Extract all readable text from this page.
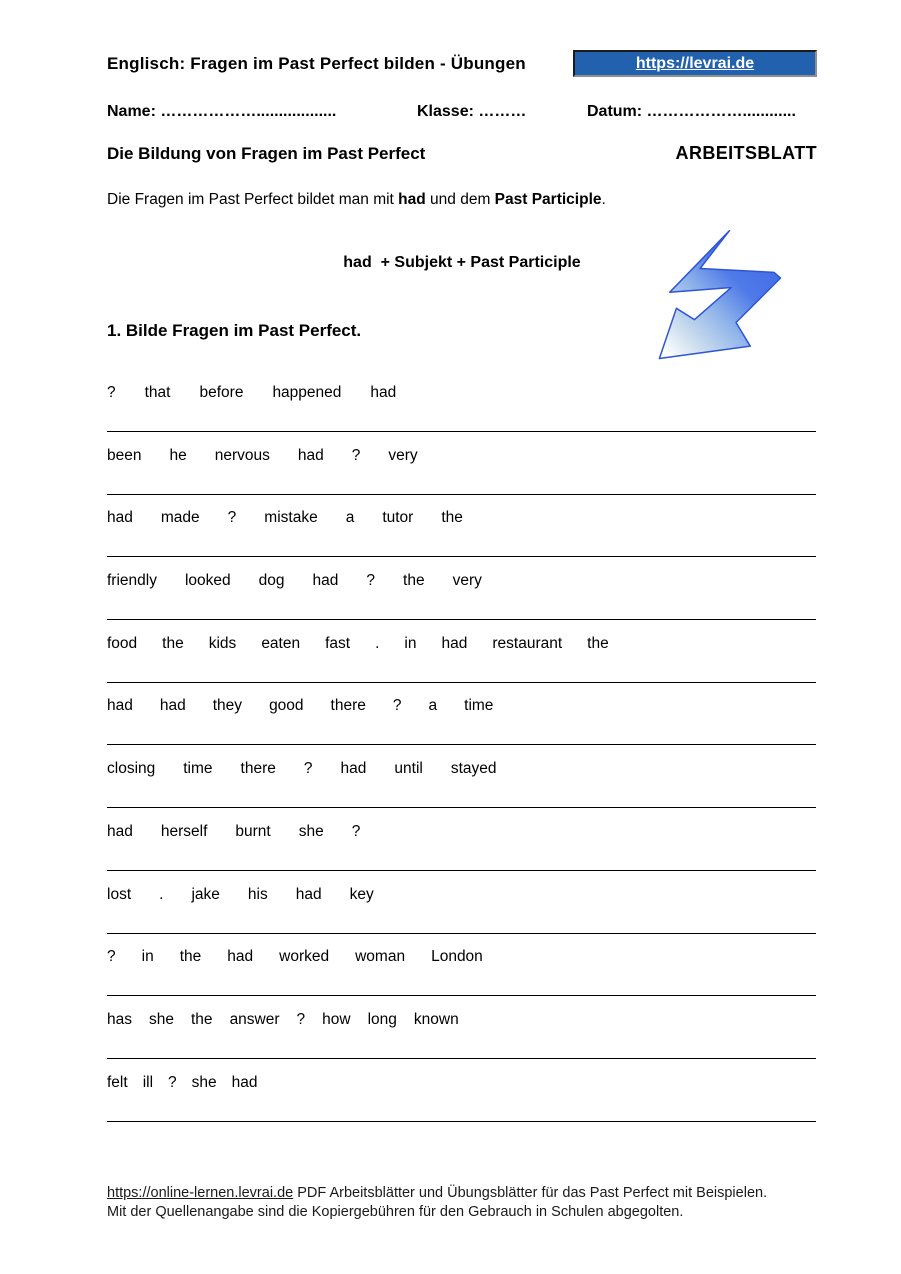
Englisch: Fragen im Past Perfect bilden - Übungen	https://levrai.de
Name: ………………..................	Klasse: ………	Datum: ………………............
Die Bildung von Fragen im Past Perfect	ARBEITSBLATT
Die Fragen im Past Perfect bildet man mit had und dem Past Participle.
had  + Subjekt + Past Participle
1. Bilde Fragen im Past Perfect.
? that before happened had
been he nervous had ? very
had made ? mistake a tutor the
friendly looked dog had ? the very
food the kids eaten fast . in had restaurant the
had had they good there ? a time
closing time there ? had until stayed
had herself burnt she ?
lost . jake his had key
? in the had worked woman London
has she the answer ? how long known
felt ill ? she had
https://online-lernen.levrai.de PDF Arbeitsblätter und Übungsblätter für das Past Perfect mit Beispielen.
Mit der Quellenangabe sind die Kopiergebühren für den Gebrauch in Schulen abgegolten.
